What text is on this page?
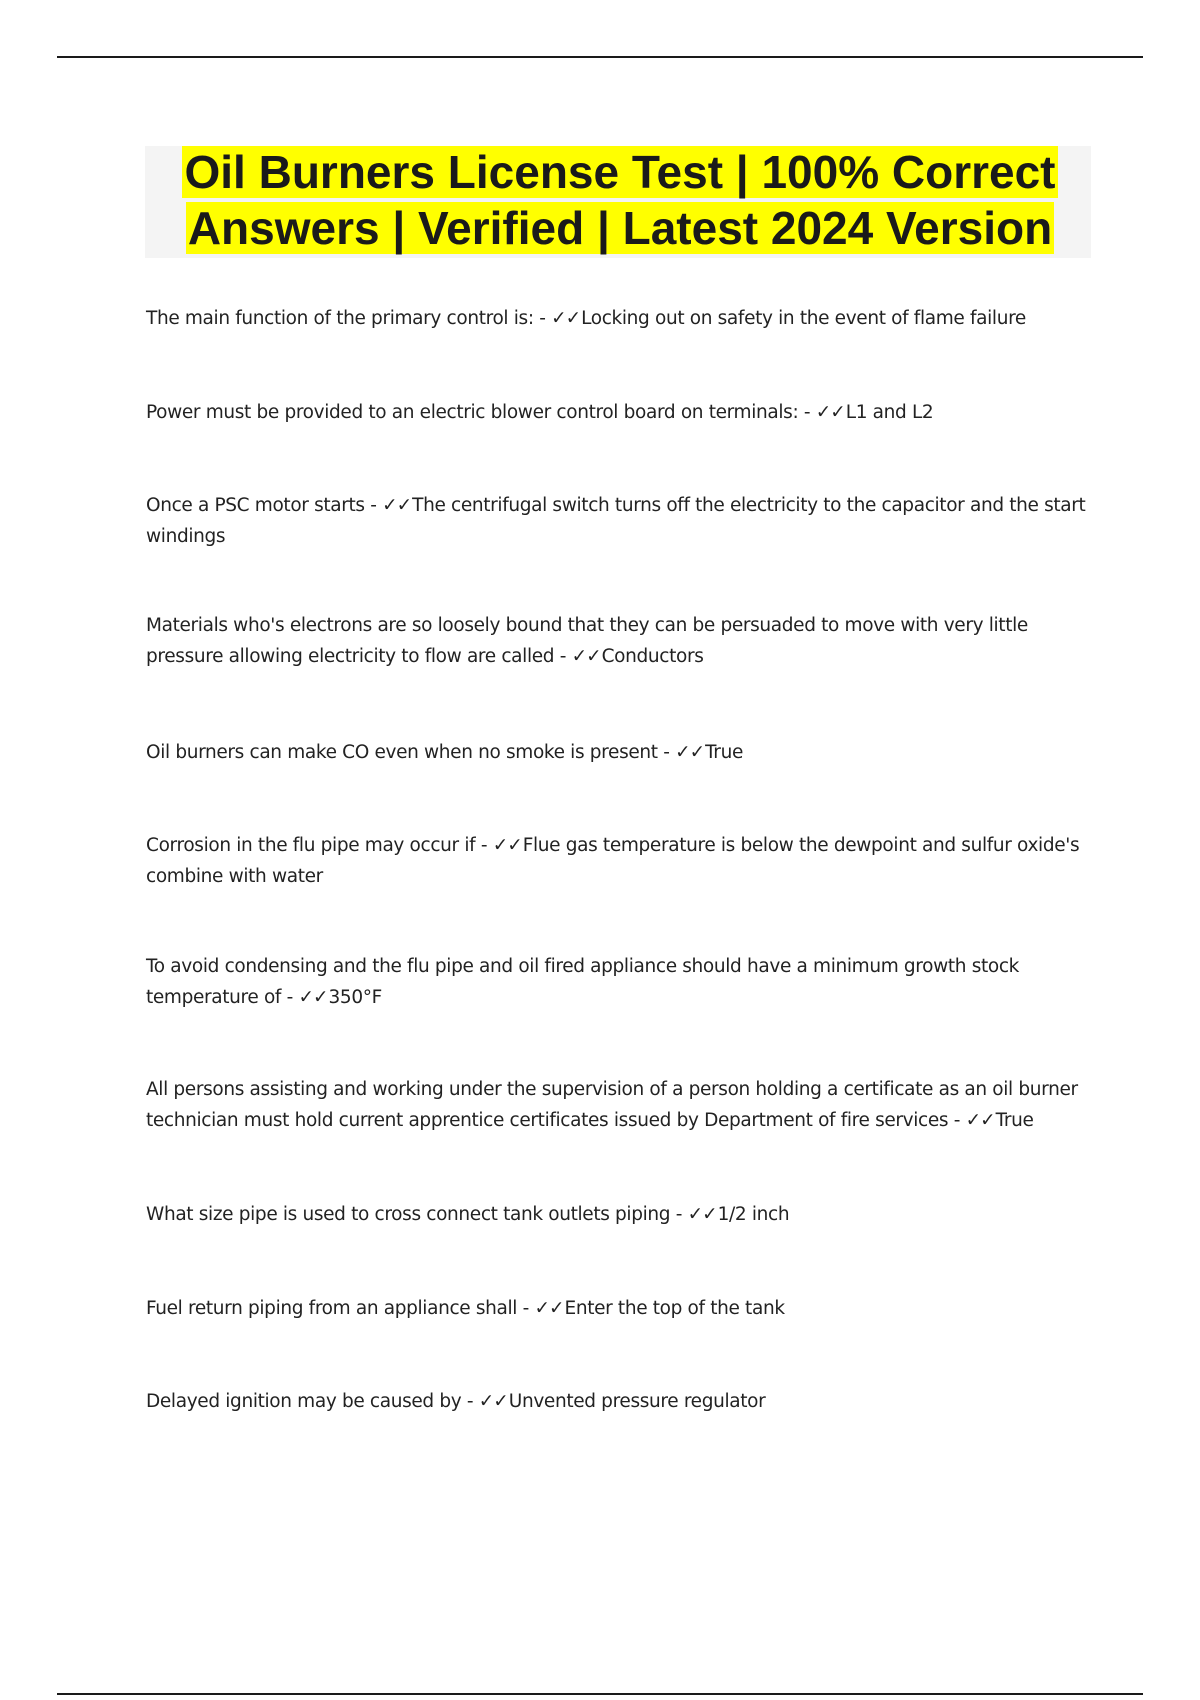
Oil Burners License Test | 100% Correct Answers | Verified | Latest 2024 Version

The main function of the primary control is: - ✓✓Locking out on safety in the event of flame failure

Power must be provided to an electric blower control board on terminals: - ✓✓L1 and L2

Once a PSC motor starts - ✓✓The centrifugal switch turns off the electricity to the capacitor and the start windings

Materials who's electrons are so loosely bound that they can be persuaded to move with very little pressure allowing electricity to flow are called - ✓✓Conductors

Oil burners can make CO even when no smoke is present - ✓✓True

Corrosion in the flu pipe may occur if - ✓✓Flue gas temperature is below the dewpoint and sulfur oxide's combine with water

To avoid condensing and the flu pipe and oil fired appliance should have a minimum growth stock temperature of - ✓✓350°F

All persons assisting and working under the supervision of a person holding a certificate as an oil burner technician must hold current apprentice certificates issued by Department of fire services - ✓✓True

What size pipe is used to cross connect tank outlets piping - ✓✓1/2 inch

Fuel return piping from an appliance shall - ✓✓Enter the top of the tank

Delayed ignition may be caused by - ✓✓Unvented pressure regulator
